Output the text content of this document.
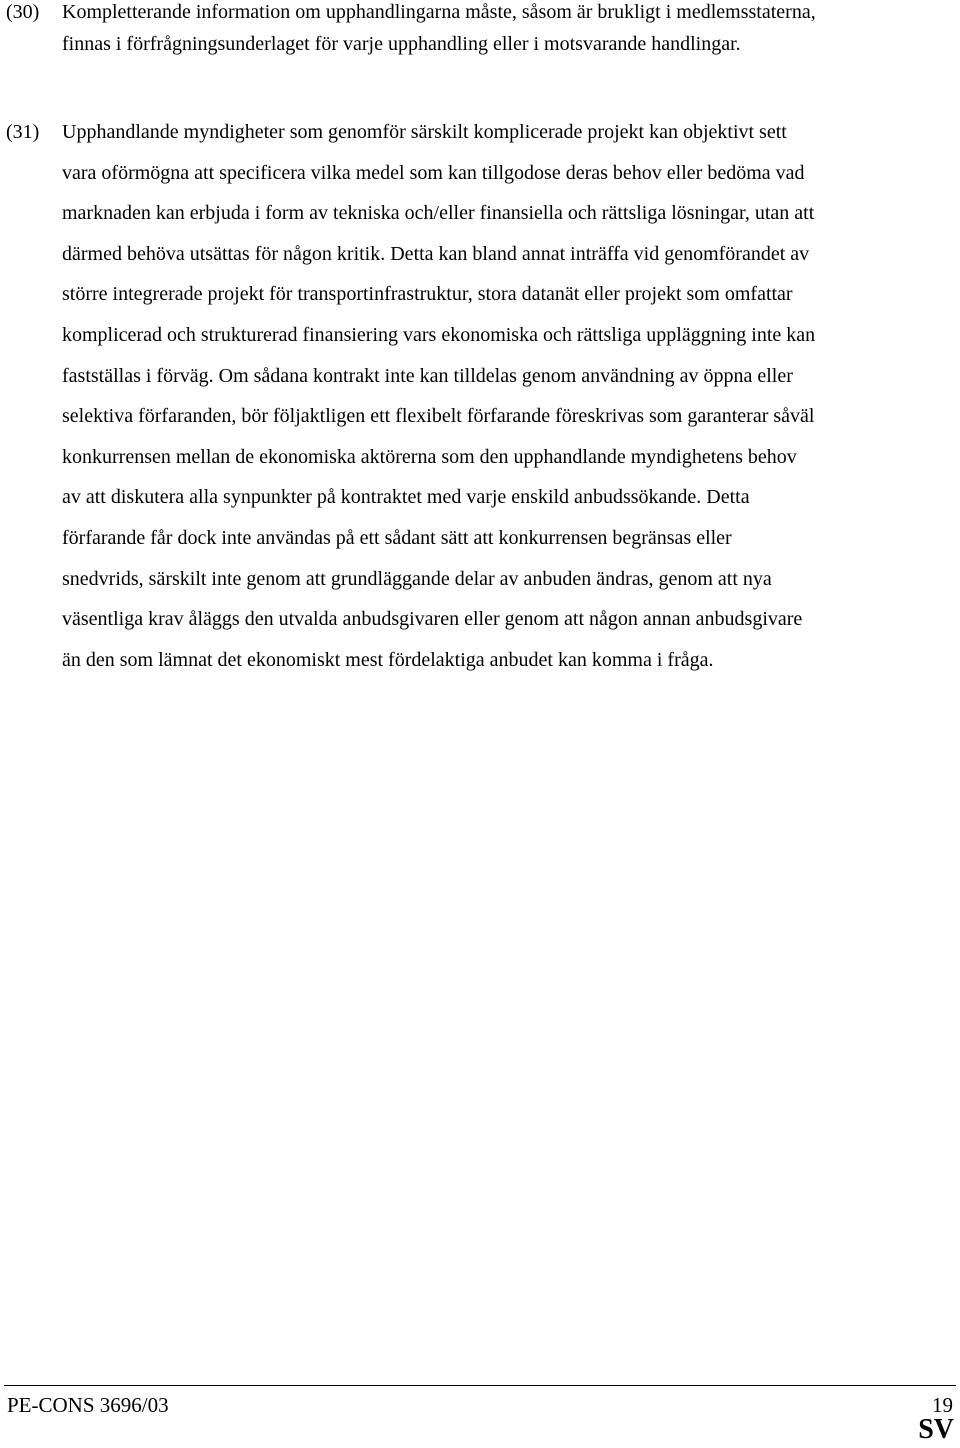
(30) Kompletterande information om upphandlingarna måste, såsom är brukligt i medlemsstaterna,
finnas i förfrågningsunderlaget för varje upphandling eller i motsvarande handlingar.
(31) Upphandlande myndigheter som genomför särskilt komplicerade projekt kan objektivt sett
vara oförmögna att specificera vilka medel som kan tillgodose deras behov eller bedöma vad
marknaden kan erbjuda i form av tekniska och/eller finansiella och rättsliga lösningar, utan att
därmed behöva utsättas för någon kritik. Detta kan bland annat inträffa vid genomförandet av
större integrerade projekt för transportinfrastruktur, stora datanät eller projekt som omfattar
komplicerad och strukturerad finansiering vars ekonomiska och rättsliga uppläggning inte kan
fastställas i förväg. Om sådana kontrakt inte kan tilldelas genom användning av öppna eller
selektiva förfaranden, bör följaktligen ett flexibelt förfarande föreskrivas som garanterar såväl
konkurrensen mellan de ekonomiska aktörerna som den upphandlande myndighetens behov
av att diskutera alla synpunkter på kontraktet med varje enskild anbudssökande. Detta
förfarande får dock inte användas på ett sådant sätt att konkurrensen begränsas eller
snedvrids, särskilt inte genom att grundläggande delar av anbuden ändras, genom att nya
väsentliga krav åläggs den utvalda anbudsgivaren eller genom att någon annan anbudsgivare
än den som lämnat det ekonomiskt mest fördelaktiga anbudet kan komma i fråga.
PE-CONS 3696/03	19
SV
